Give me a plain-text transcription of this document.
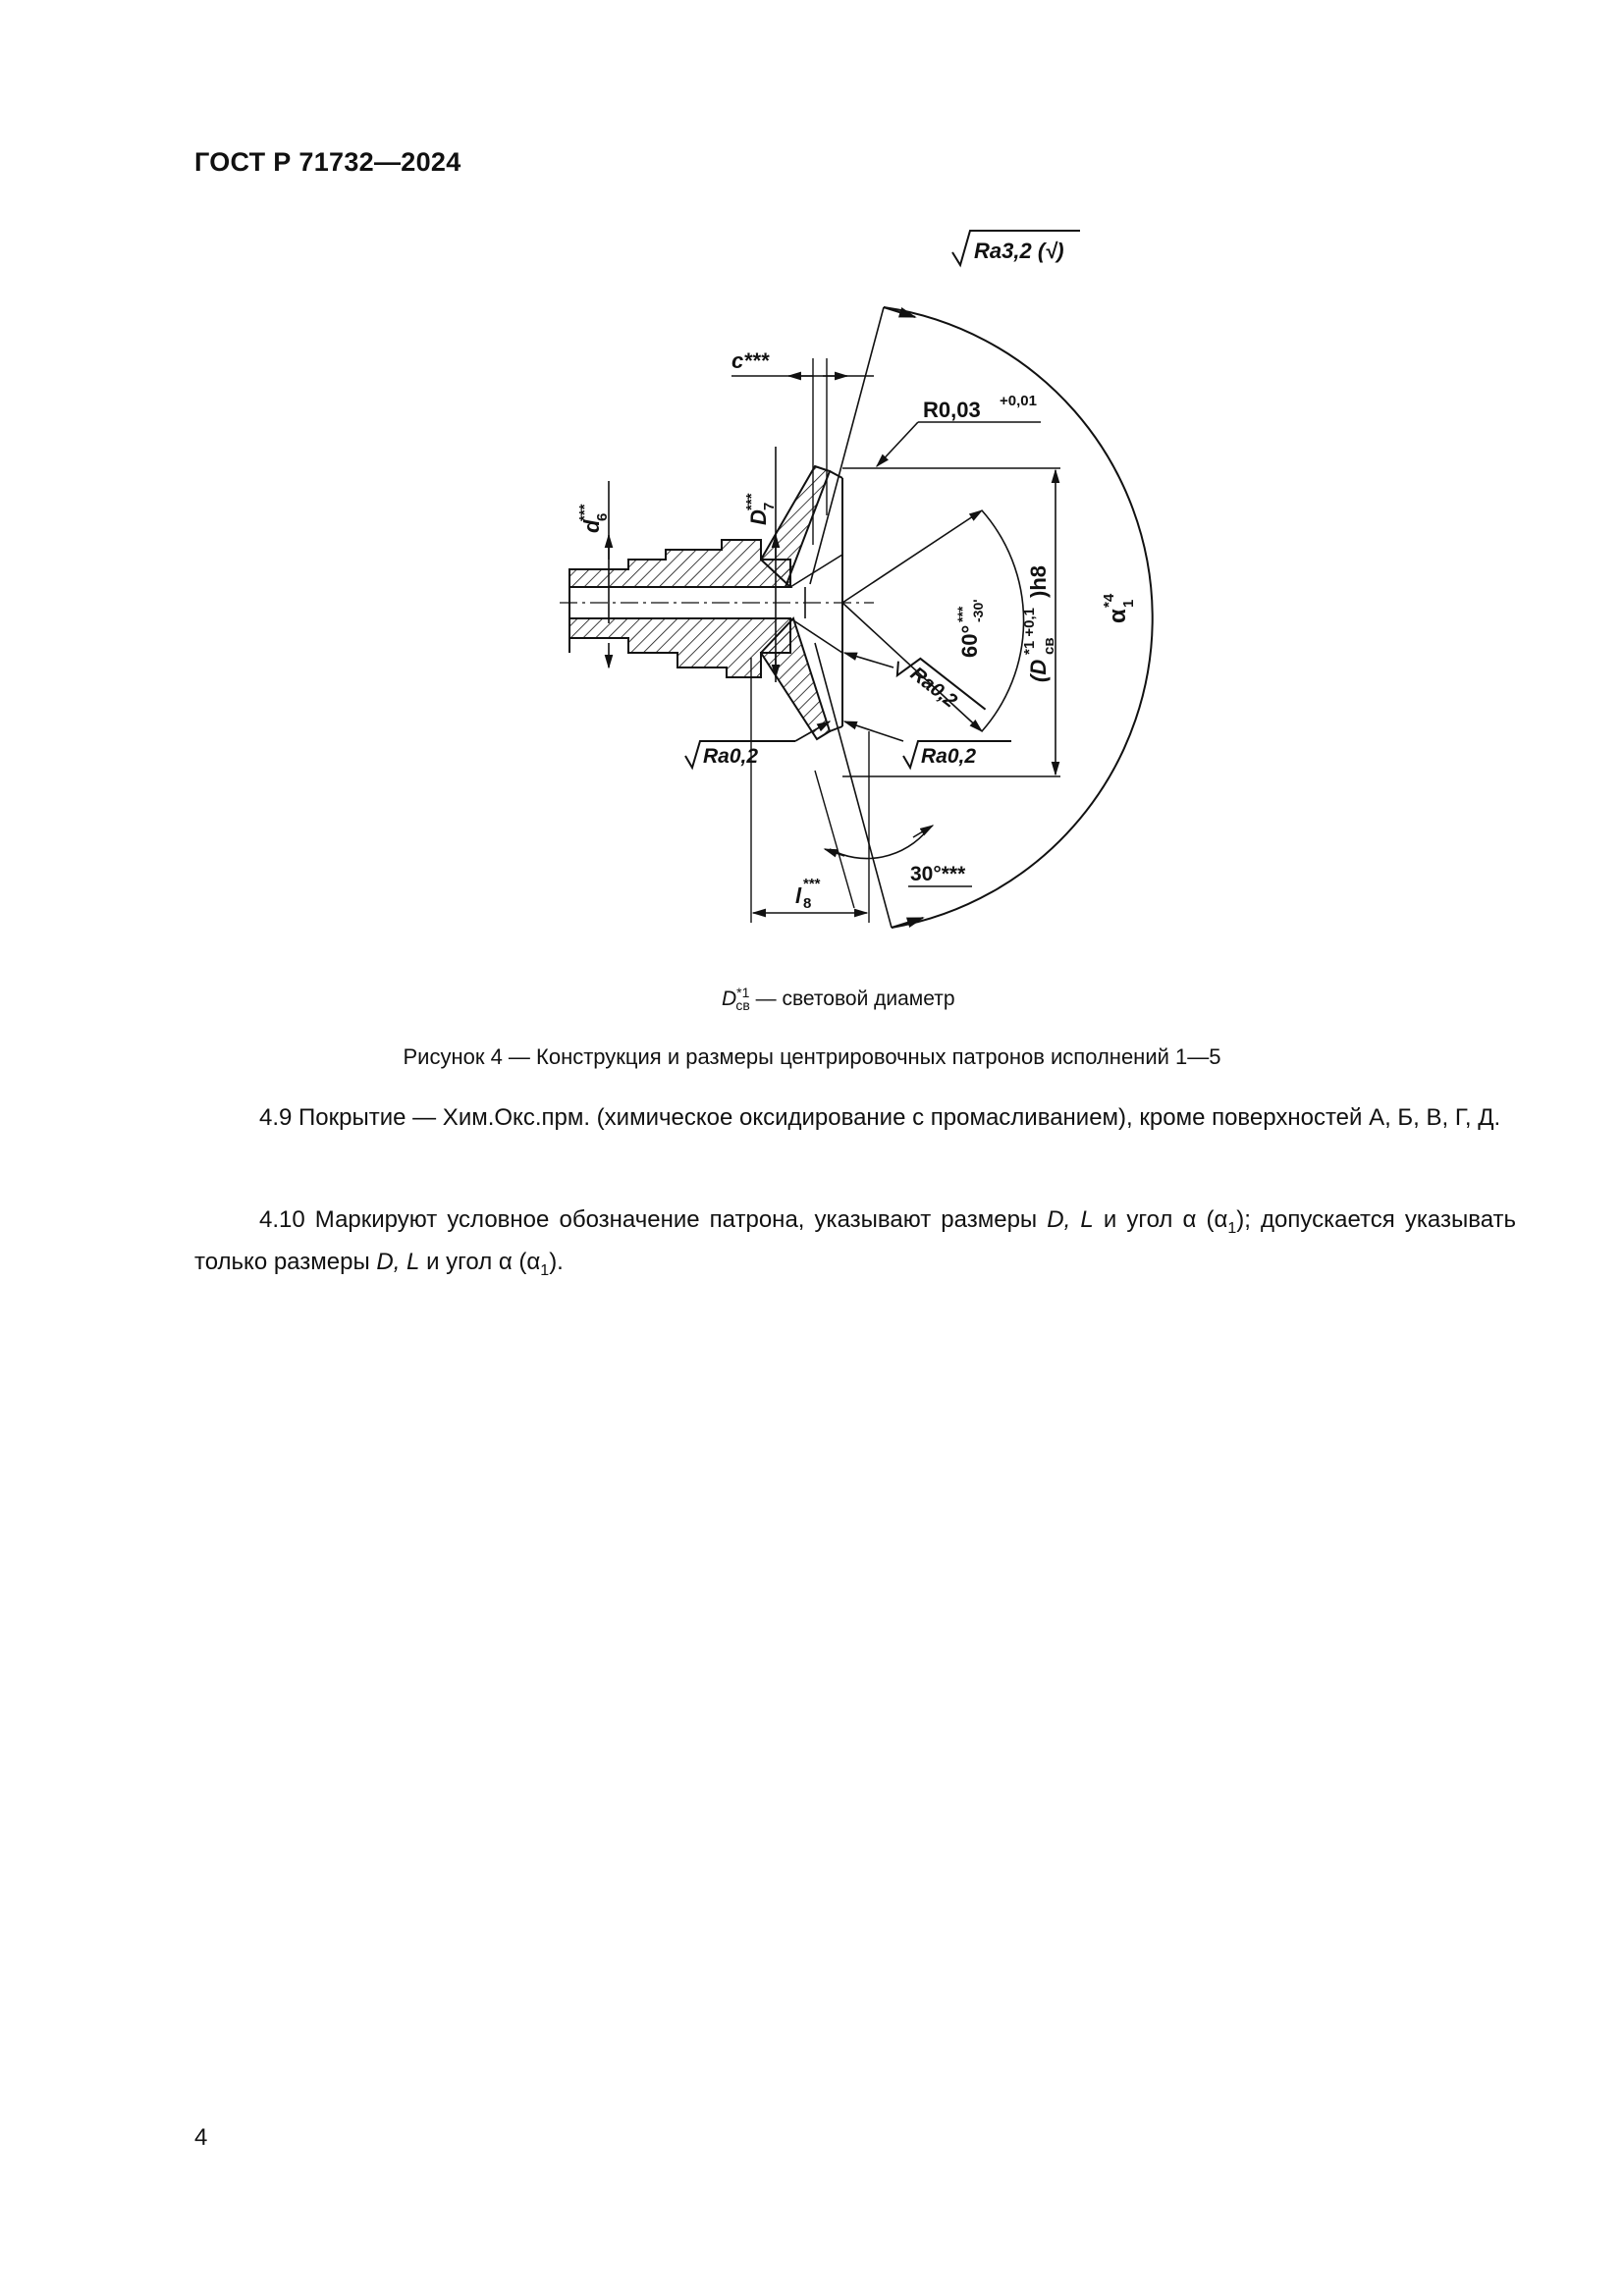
ГОСТ Р 71732—2024
Ra3,2 (√)
c***
R0,03 +0,01
d
6
***	D
7
***
60°
*** -30'
(D
св
*1 +0,1
)h8
α
1
*4
Ra0,2
Ra0,2	Ra0,2
30°***
l 8
***
$D^{*1}_{св}$ — световой диаметр
Рисунок 4 — Конструкция и размеры центрировочных патронов исполнений 1—5
4.9 Покрытие — Хим.Окс.прм. (химическое оксидирование с промасливанием), кроме поверхностей А, Б, В, Г, Д.
4.10 Маркируют условное обозначение патрона, указывают размеры D, L и угол α $(\alpha_1)$; допускается указывать только размеры D, L и угол α $(\alpha_1)$.
4
